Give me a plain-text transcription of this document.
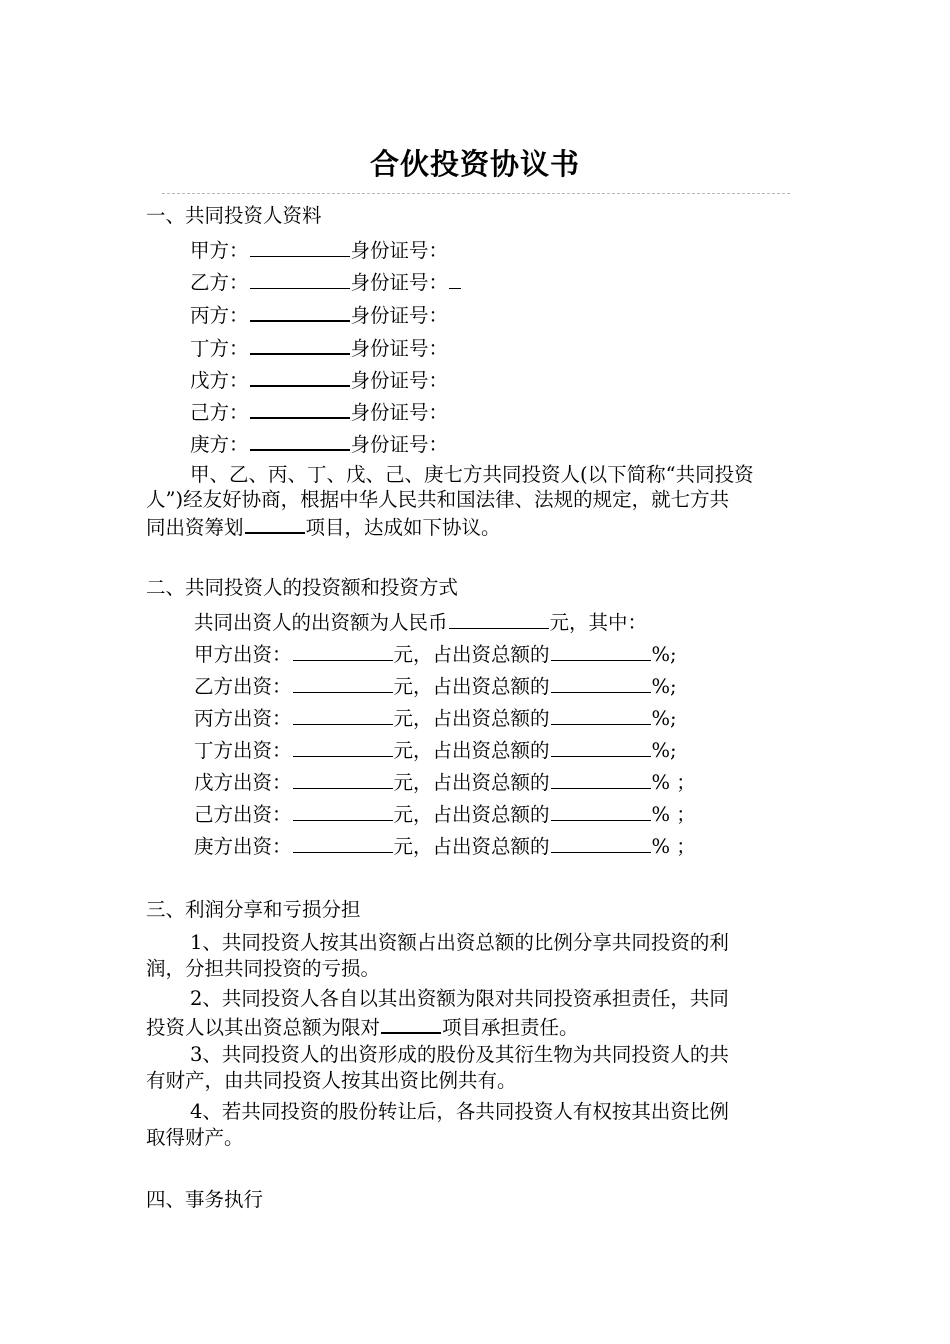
合伙投资协议书
一、共同投资人资料
甲方：	身份证号：
乙方：	身份证号：
丙方：	身份证号：
丁方：	身份证号：
戊方：	身份证号：
己方：	身份证号：
庚方：	身份证号：
甲、乙、丙、丁、戊、己、庚七方共同投资人(以下简称“共同投资
人”)经友好协商，根据中华人民共和国法律、法规的规定，就七方共
同出资筹划	项目，达成如下协议。
二、共同投资人的投资额和投资方式
共同出资人的出资额为人民币	元，其中：
甲方出资：	元，占出资总额的	%;
乙方出资：	元，占出资总额的	%;
丙方出资：	元，占出资总额的	%;
丁方出资：	元，占出资总额的	%;
戊方出资：	元，占出资总额的	% ；
己方出资：	元，占出资总额的	% ；
庚方出资：	元，占出资总额的	% ；
三、利润分享和亏损分担
1、共同投资人按其出资额占出资总额的比例分享共同投资的利
润，分担共同投资的亏损。
2、共同投资人各自以其出资额为限对共同投资承担责任，共同
投资人以其出资总额为限对	项目承担责任。
3、共同投资人的出资形成的股份及其衍生物为共同投资人的共
有财产，由共同投资人按其出资比例共有。
4、若共同投资的股份转让后，各共同投资人有权按其出资比例
取得财产。
四、事务执行
